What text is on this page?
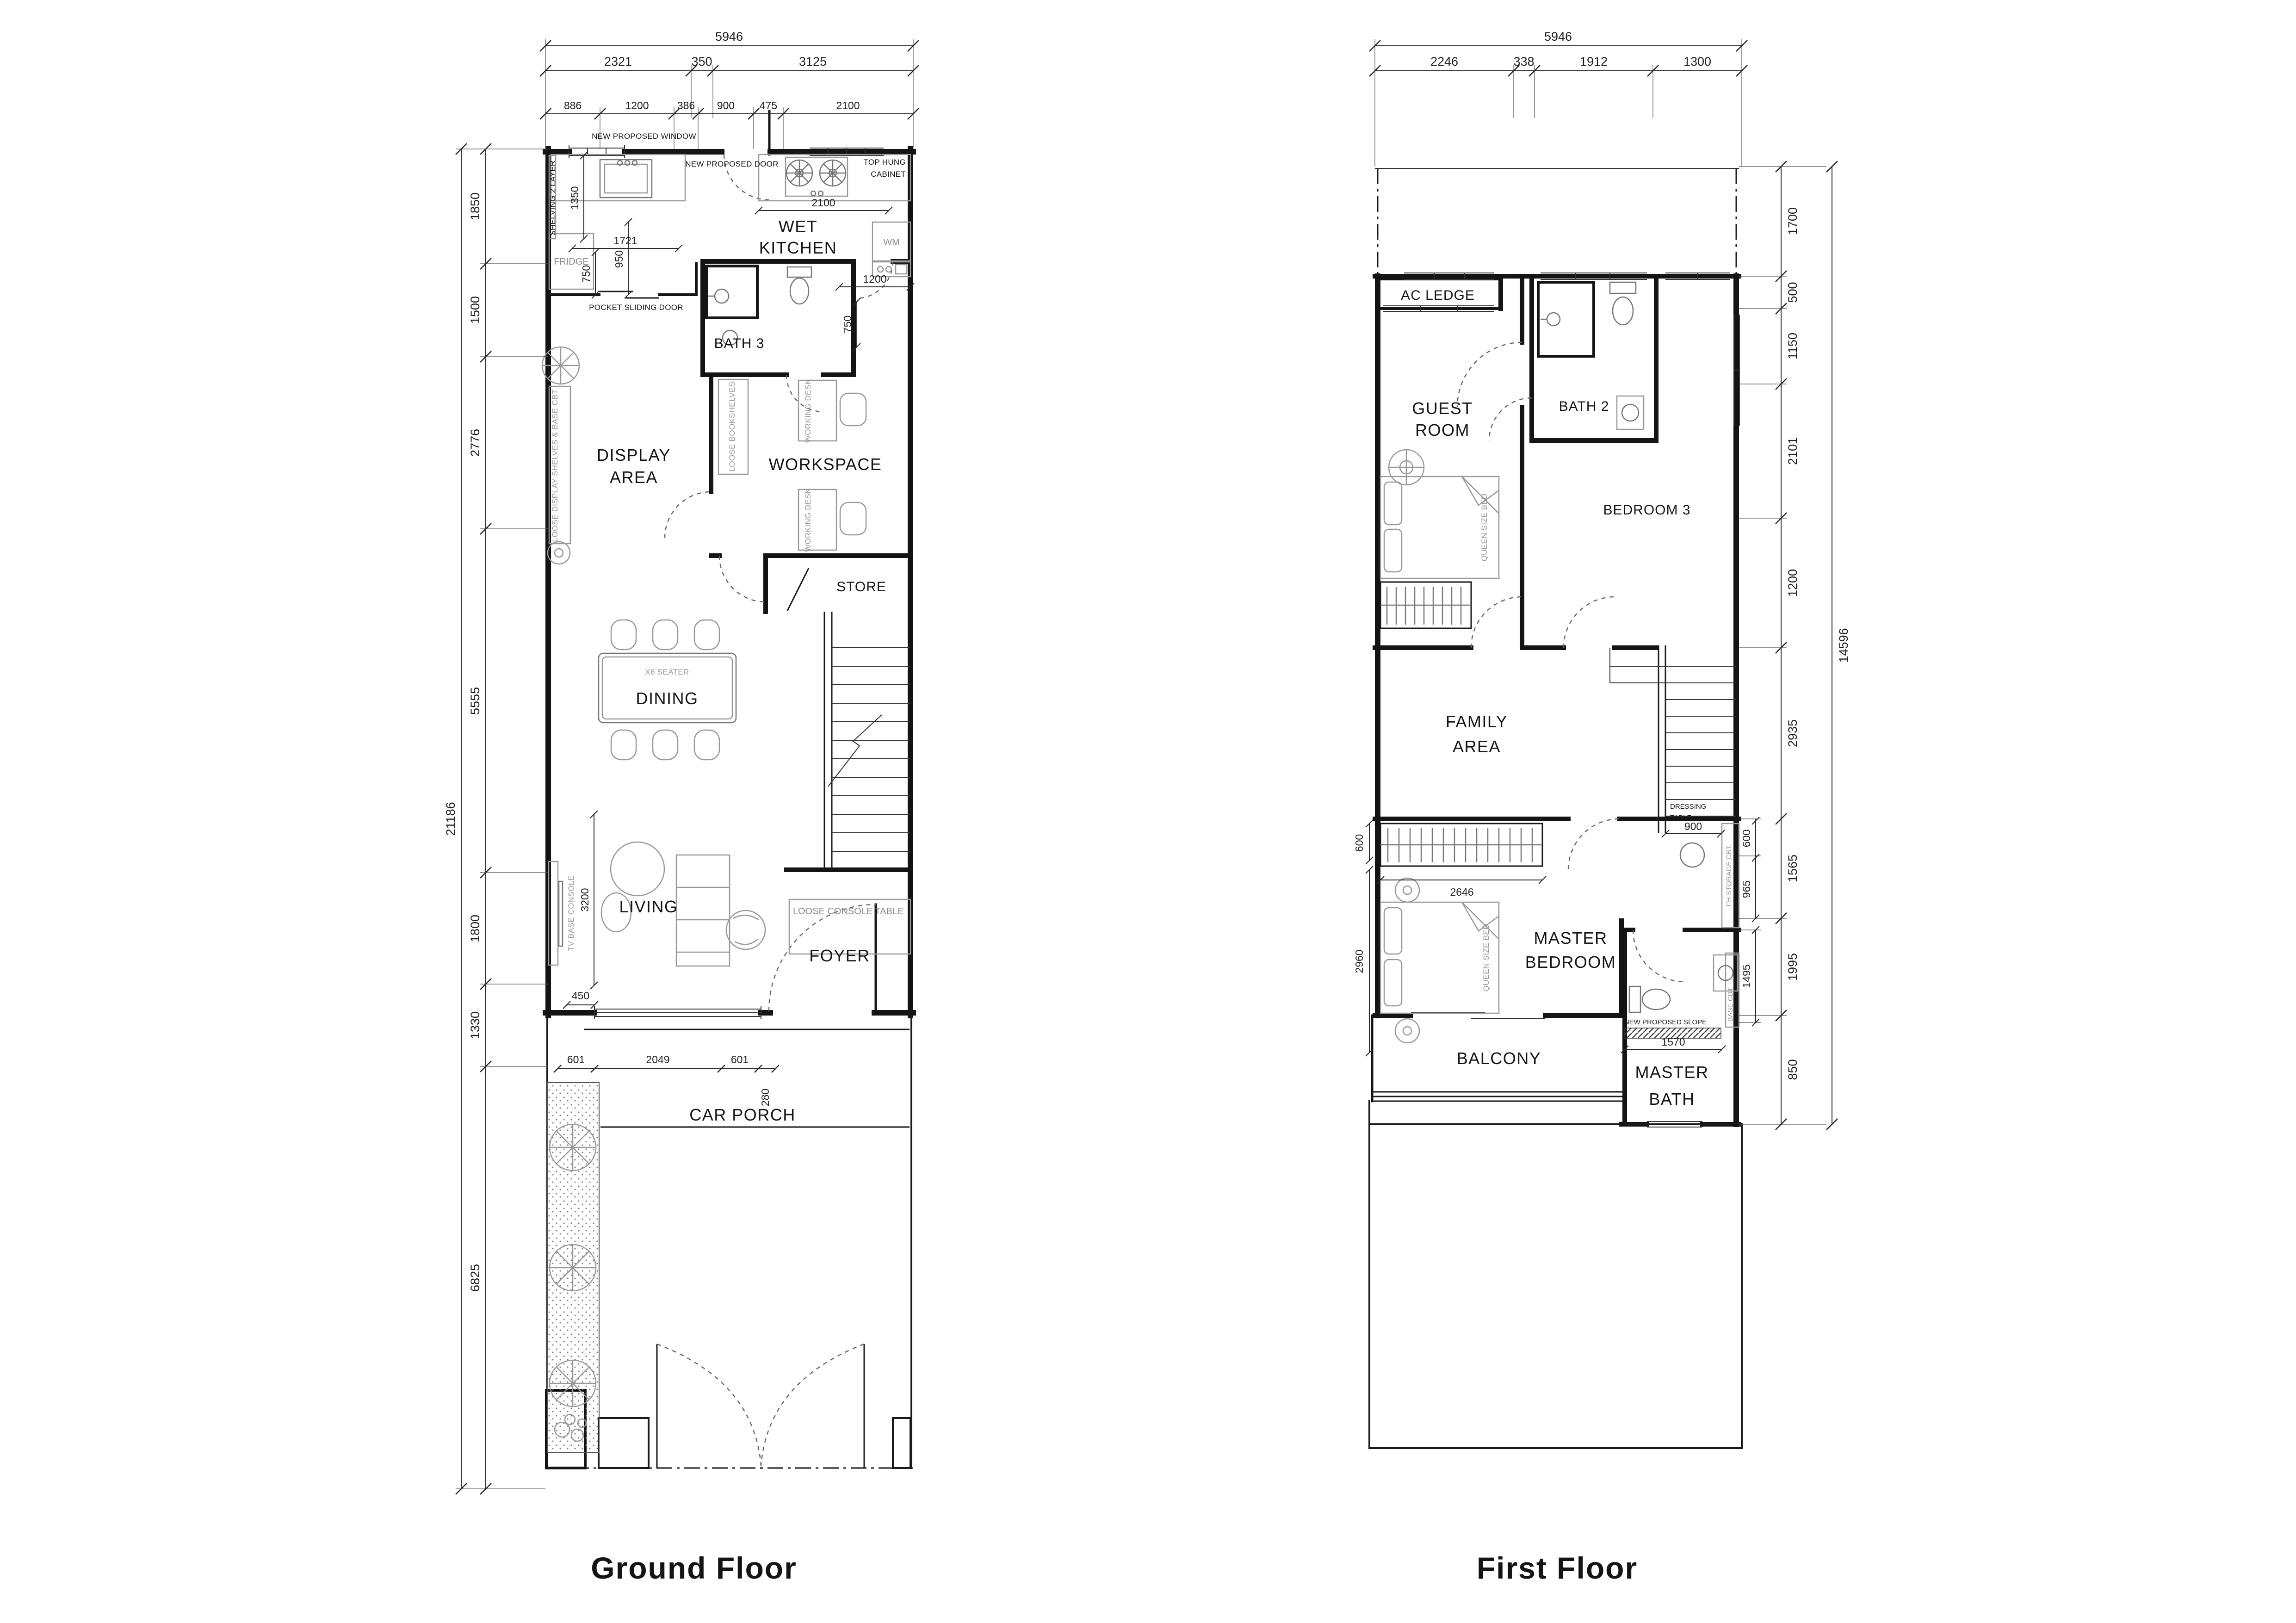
5946
2321	350	3125
886	1200	386 900 475	2100
21186
1850
1500
2776
5555
1800
1330
6825
1350
1721
750
950
2100
1200
750
3200
450
601	2049	601
280
NEW PROPOSED WINDOW
NEW PROPOSED DOOR	TOP HUNG
CABINET
SHELVING 2 LAYER
FRIDGE
WM
WET
KITCHEN
POCKET SLIDING DOOR
BATH 3
LOOSE DISPLAY SHELVES & BASE CBT.	LOOSE BOOKSHELVES
DISPLAY
AREA
WORKSPACE
WORKING DESK
WORKING DESK
STORE
X6 SEATER
DINING
LIVING	LOOSE CONSOLE TABLE
TV BASE CONSOLE
FOYER
CAR PORCH
5946
2246	338	1912	1300
1700
500
1150
2101
1200
2935
1565
1995
850
14596
600
965
1495
600
2960
2646
900
1570
AC LEDGE
GUEST
ROOM
BATH 2
BEDROOM 3
QUEEN SIZE BED
FAMILY
AREA
DRESSING
TABLE
FH STORAGE CBT.
MASTER
BEDROOM
QUEEN SIZE BED
NEW PROPOSED SLOPE
BASE CBT.
MASTER
BATH
BALCONY
Ground Floor	First Floor
